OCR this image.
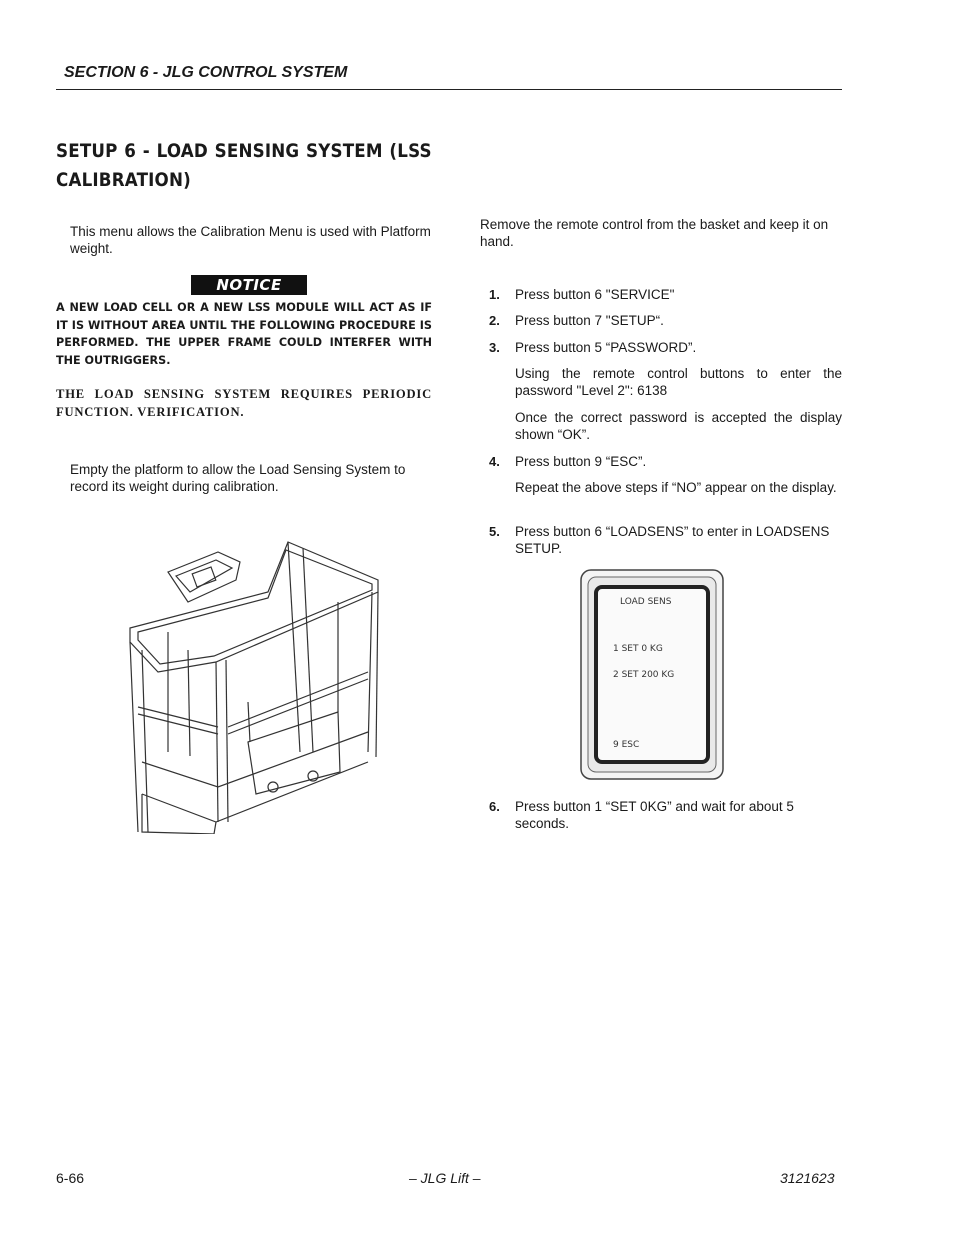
SECTION 6 - JLG CONTROL SYSTEM
SETUP 6 - LOAD SENSING SYSTEM (LSS CALIBRATION)
This menu allows the Calibration Menu is used with Platform weight.
NOTICE
A NEW LOAD CELL OR A NEW LSS MODULE WILL ACT AS IF IT IS WITHOUT AREA UNTIL THE FOLLOWING PROCEDURE IS PERFORMED. THE UPPER FRAME COULD INTERFER WITH THE OUTRIGGERS.
THE LOAD SENSING SYSTEM REQUIRES PERIODIC FUNCTION. VERIFICATION.
Empty the platform to allow the Load Sensing System to record its weight during calibration.
Remove the remote control from the basket and keep it on hand.
1. Press button 6 "SERVICE"
2. Press button 7 "SETUP“.
3. Press button 5 “PASSWORD”.
Using the remote control buttons to enter the password "Level 2": 6138
Once the correct password is accepted the display shown “OK”.
4. Press button 9 “ESC”.
Repeat the above steps if “NO” appear on the display.
5. Press button 6 “LOADSENS” to enter in LOADSENS SETUP.
LOAD SENS
1 SET 0 KG
2 SET 200 KG
9 ESC
6. Press button 1 “SET 0KG” and wait for about 5 seconds.
6-66	– JLG Lift –	3121623
